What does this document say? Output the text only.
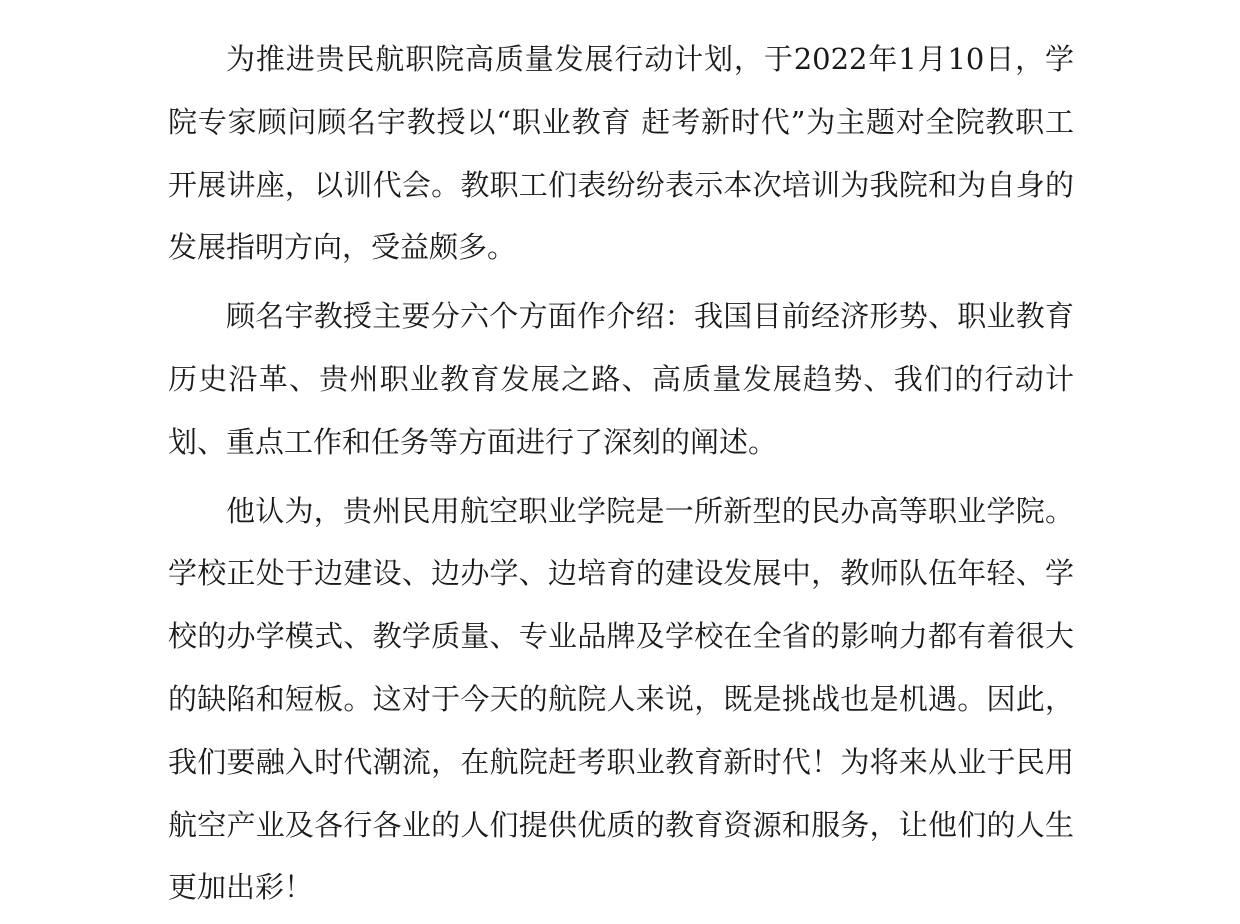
为推进贵民航职院高质量发展行动计划，于2022年1月10日，学院专家顾问顾名宇教授以“职业教育 赶考新时代”为主题对全院教职工开展讲座，以训代会。教职工们表纷纷表示本次培训为我院和为自身的发展指明方向，受益颇多。

顾名宇教授主要分六个方面作介绍：我国目前经济形势、职业教育历史沿革、贵州职业教育发展之路、高质量发展趋势、我们的行动计划、重点工作和任务等方面进行了深刻的阐述。

他认为，贵州民用航空职业学院是一所新型的民办高等职业学院。学校正处于边建设、边办学、边培育的建设发展中，教师队伍年轻、学校的办学模式、教学质量、专业品牌及学校在全省的影响力都有着很大的缺陷和短板。这对于今天的航院人来说，既是挑战也是机遇。因此，我们要融入时代潮流，在航院赶考职业教育新时代！为将来从业于民用航空产业及各行各业的人们提供优质的教育资源和服务，让他们的人生更加出彩！
